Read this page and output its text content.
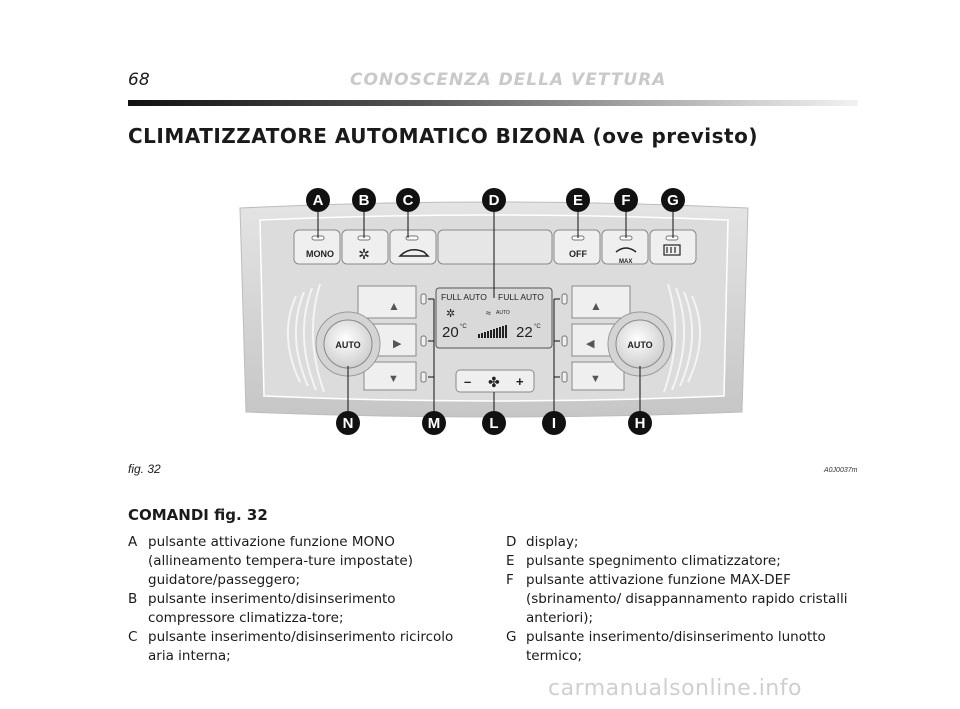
68	CONOSCENZA DELLA VETTURA
CLIMATIZZATORE AUTOMATICO BIZONA (ove previsto)
MONO ✲	OFF
MAX
▲
▶
▼
AUTO
▲
◀
▼
AUTO
FULL AUTO FULL AUTO
✲	≈ AUTO
20 °C	22 °C
– ✤ +
A B C	D	E	F G
N	M	L	I	H
fig. 32	A0J0037m
COMANDI fig. 32
A pulsante attivazione funzione MONO (allineamento tempera-ture impostate) guidatore/passeggero;
B pulsante inserimento/disinserimento compressore climatizza-tore;
C pulsante inserimento/disinserimento ricircolo aria interna;
D display;
E pulsante spegnimento climatizzatore;
F pulsante attivazione funzione MAX-DEF (sbrinamento/ disappannamento rapido cristalli anteriori);
G pulsante inserimento/disinserimento lunotto termico;
carmanualsonline.info
